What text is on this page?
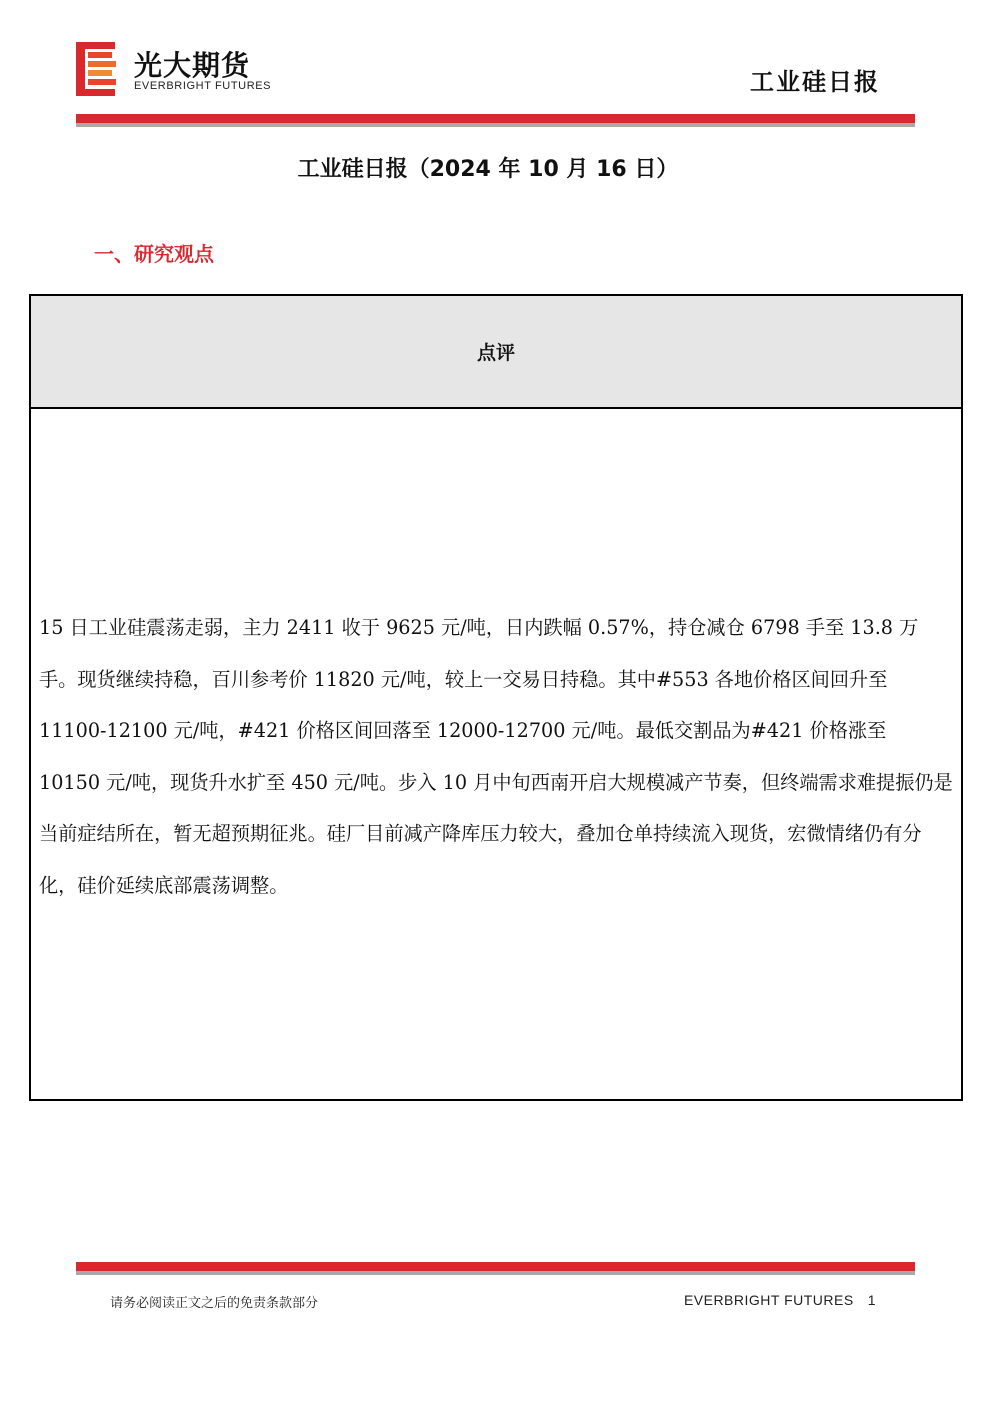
光大期货
EVERBRIGHT FUTURES	工业硅日报
工业硅日报（2024 年 10 月 16 日）
一、研究观点
点评

15 日工业硅震荡走弱，主力 2411 收于 9625 元/吨，日内跌幅 0.57%，持仓减仓 6798 手至 13.8 万手。现货继续持稳，百川参考价 11820 元/吨，较上一交易日持稳。其中#553 各地价格区间回升至 11100-12100 元/吨，#421 价格区间回落至 12000-12700 元/吨。最低交割品为#421 价格涨至 10150 元/吨，现货升水扩至 450 元/吨。步入 10 月中旬西南开启大规模减产节奏，但终端需求难提振仍是当前症结所在，暂无超预期征兆。硅厂目前减产降库压力较大，叠加仓单持续流入现货，宏微情绪仍有分化，硅价延续底部震荡调整。

请务必阅读正文之后的免责条款部分	EVERBRIGHT FUTURES 1
